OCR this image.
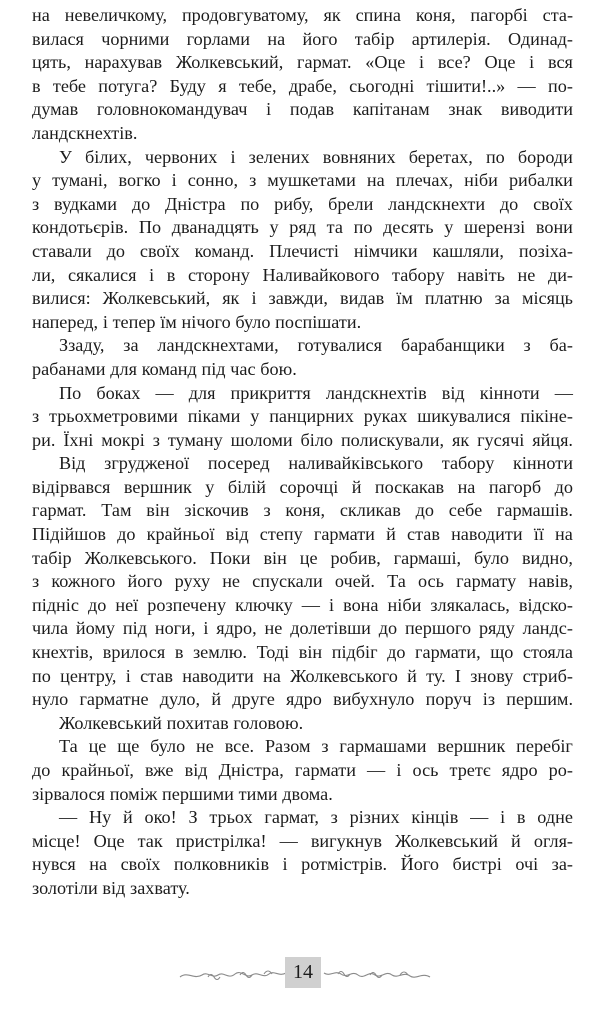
на невеличкому, продовгуватому, як спина коня, пагорбі ста-
вилася чорними горлами на його табір артилерія. Одинад-
цять, нарахував Жолкевський, гармат. «Оце і все? Оце і вся
в тебе потуга? Буду я тебе, драбе, сьогодні тішити!..» — по-
думав головнокомандувач і подав капітанам знак виводити
ландскнехтів.
У білих, червоних і зелених вовняних беретах, по бороди
у тумані, вогко і сонно, з мушкетами на плечах, ніби рибалки
з вудками до Дністра по рибу, брели ландскнехти до своїх
кондотьєрів. По дванадцять у ряд та по десять у шерензі вони
ставали до своїх команд. Плечисті німчики кашляли, позіха-
ли, сякалися і в сторону Наливайкового табору навіть не ди-
вилися: Жолкевський, як і завжди, видав їм платню за місяць
наперед, і тепер їм нічого було поспішати.
Ззаду, за ландскнехтами, готувалися барабанщики з ба-
рабанами для команд під час бою.
По боках — для прикриття ландскнехтів від кінноти —
з трьохметровими піками у панцирних руках шикувалися пікіне-
ри. Їхні мокрі з туману шоломи біло полискували, як гусячі яйця.
Від згрудженої посеред наливайківського табору кінноти
відірвався вершник у білій сорочці й поскакав на пагорб до
гармат. Там він зіскочив з коня, скликав до себе гармашів.
Підійшов до крайньої від степу гармати й став наводити її на
табір Жолкевського. Поки він це робив, гармаші, було видно,
з кожного його руху не спускали очей. Та ось гармату навів,
підніс до неї розпечену ключку — і вона ніби злякалась, відско-
чила йому під ноги, і ядро, не долетівши до першого ряду ландс-
кнехтів, врилося в землю. Тоді він підбіг до гармати, що стояла
по центру, і став наводити на Жолкевського й ту. І знову стриб-
нуло гарматне дуло, й друге ядро вибухнуло поруч із першим.
Жолкевський похитав головою.
Та це ще було не все. Разом з гармашами вершник перебіг
до крайньої, вже від Дністра, гармати — і ось третє ядро ро-
зірвалося поміж першими тими двома.
— Ну й око! З трьох гармат, з різних кінців — і в одне
місце! Оце так пристрілка! — вигукнув Жолкевський й огля-
нувся на своїх полковників і ротмістрів. Його бистрі очі за-
золотіли від захвату.
14
